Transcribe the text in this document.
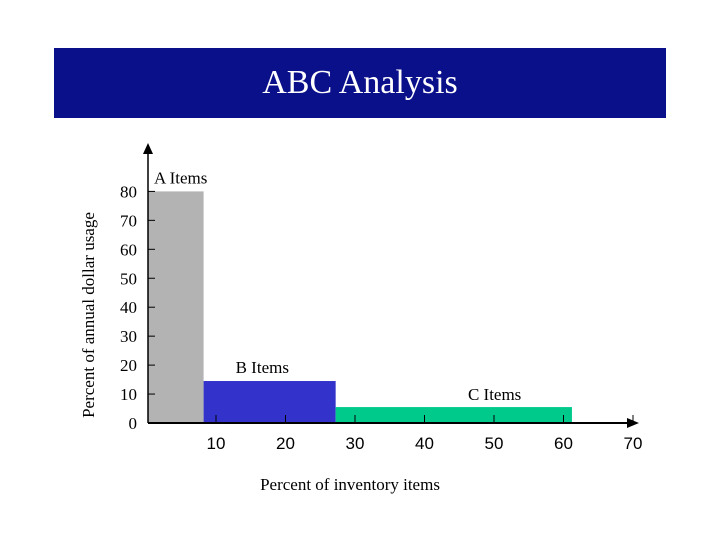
ABC Analysis
Percent of annual dollar usage
Percent of inventory items
A Items
B Items
C Items
80
70
60
50
40
30
20
10
0
10	20	30	40	50	60	70
